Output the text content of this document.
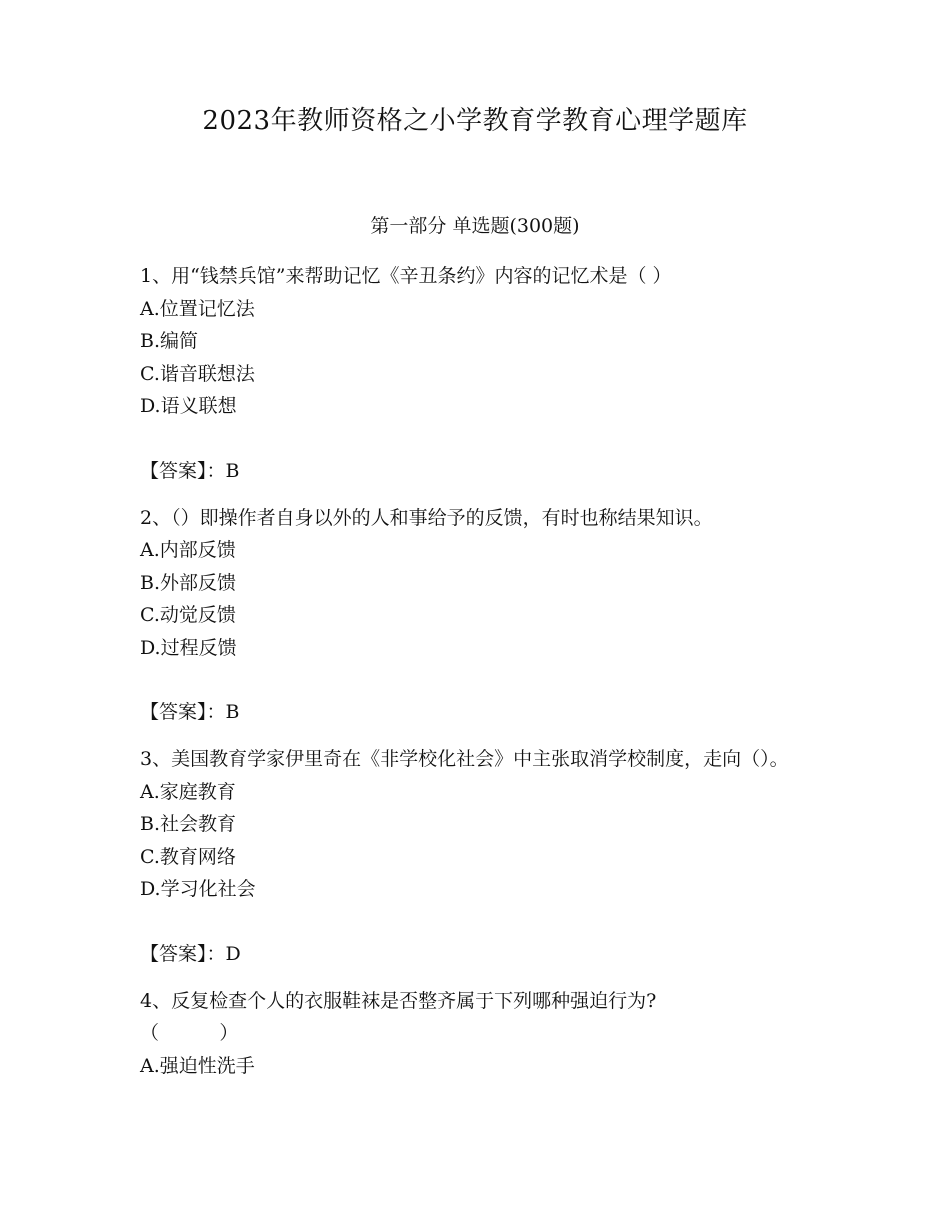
2023年教师资格之小学教育学教育心理学题库
第一部分 单选题(300题)
1、用“钱禁兵馆”来帮助记忆《辛丑条约》内容的记忆术是（ ）
A.位置记忆法
B.编简
C.谐音联想法
D.语义联想
【答案】：B
2、（）即操作者自身以外的人和事给予的反馈，有时也称结果知识。
A.内部反馈
B.外部反馈
C.动觉反馈
D.过程反馈
【答案】：B
3、美国教育学家伊里奇在《非学校化社会》中主张取消学校制度，走向（）。
A.家庭教育
B.社会教育
C.教育网络
D.学习化社会
【答案】：D
4、反复检查个人的衣服鞋袜是否整齐属于下列哪种强迫行为?
（          ）
A.强迫性洗手
